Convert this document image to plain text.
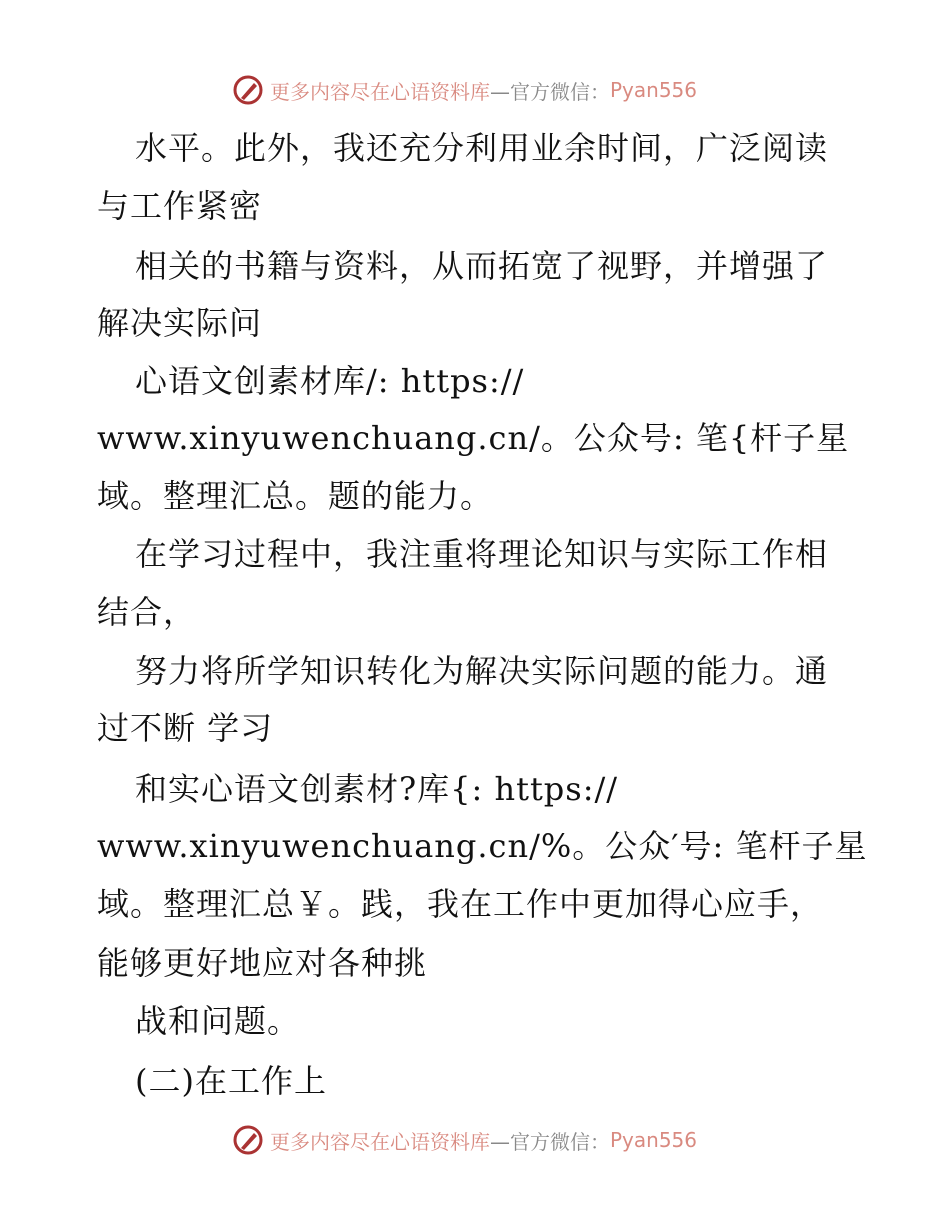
更多内容尽在心语资料库 —官方微信： Pyan556
水平。此外，我还充分利用业余时间，广泛阅读
与工作紧密
相关的书籍与资料，从而拓宽了视野，并增强了
解决实际问
心语文创素材库/: https://
www.xinyuwenchuang.cn/。公众号: 笔{杆子星
域。整理汇总。题的能力。
在学习过程中，我注重将理论知识与实际工作相
结合，
努力将所学知识转化为解决实际问题的能力。通
过不断 学习
和实心语文创素材?库{: https://
www.xinyuwenchuang.cn/%。公众′号: 笔杆子星
域。整理汇总￥。践，我在工作中更加得心应手，
能够更好地应对各种挑
战和问题。
(二)在工作上
更多内容尽在心语资料库 —官方微信： Pyan556
